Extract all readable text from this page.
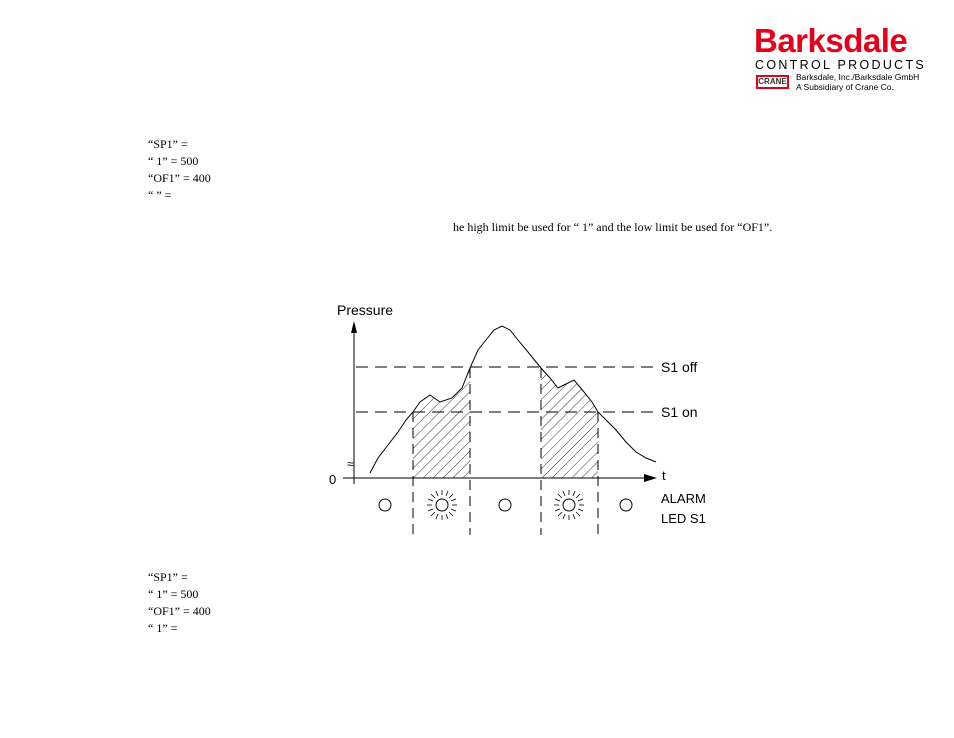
Barksdale
CONTROL PRODUCTS
CRANE Barksdale, Inc./Barksdale GmbH
A Subsidiary of Crane Co.
“SP1” =
“ 1” = 500
“OF1” = 400
“ ” =
he high limit be used for “ 1” and the low limit be used for “OF1”.
Pressure
0
≈
t
S1 off
S1 on
ALARM
LED S1
“SP1” =
“ 1” = 500
“OF1” = 400
“ 1” =
